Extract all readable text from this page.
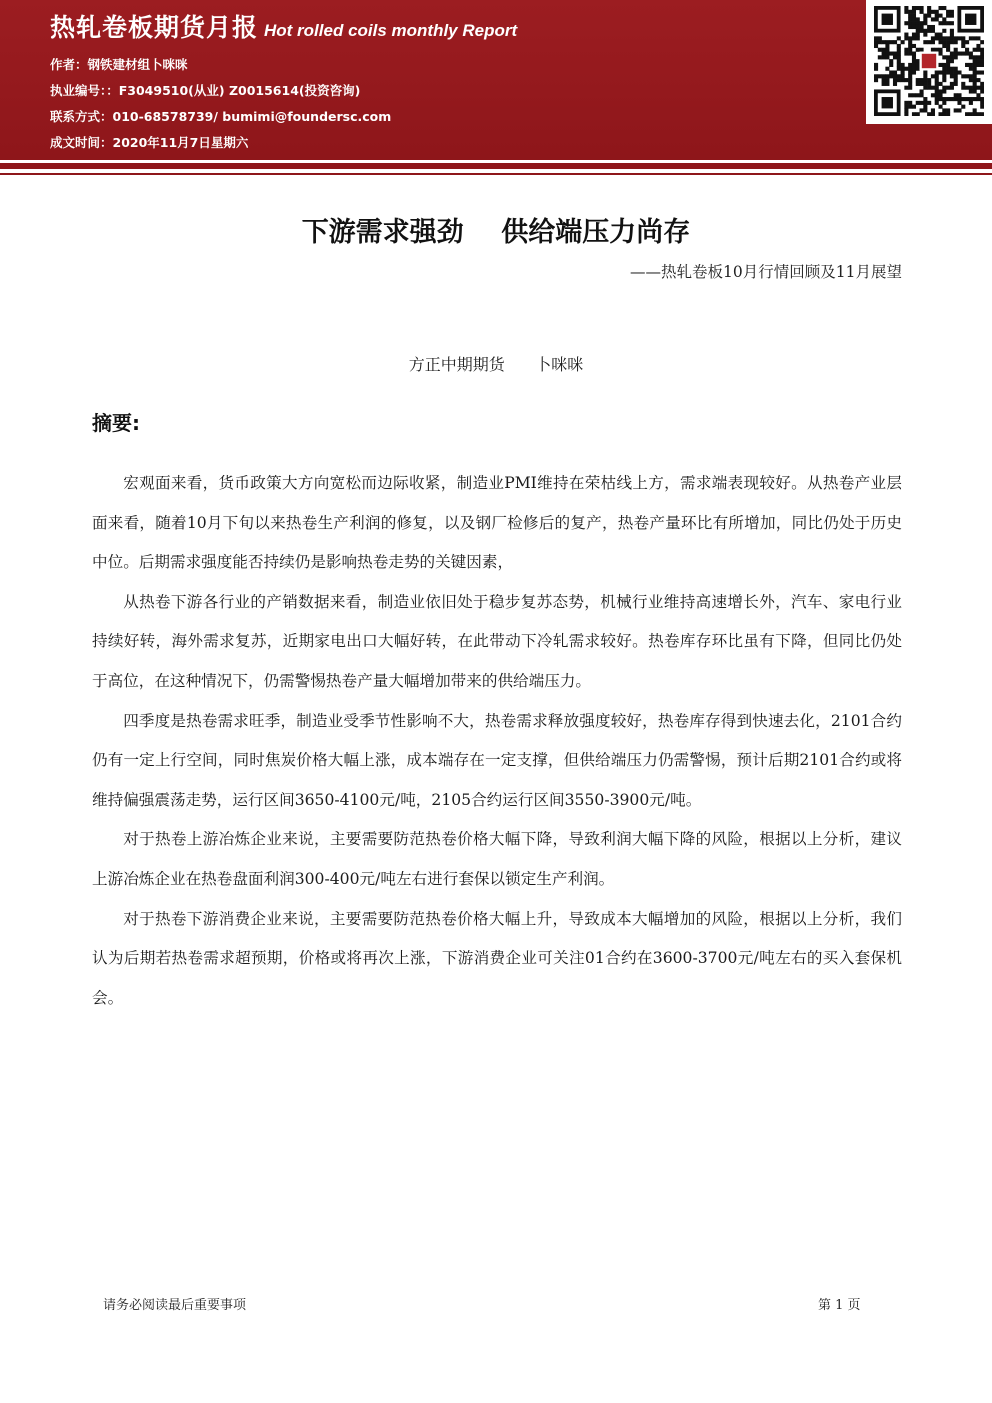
热轧卷板期货月报 Hot rolled coils monthly Report
作者：钢铁建材组卜咪咪
执业编号：：F3049510(从业) Z0015614(投资咨询)
联系方式：010-68578739/ bumimi@foundersc.com
成文时间：2020年11月7日星期六
下游需求强劲    供给端压力尚存
——热轧卷板10月行情回顾及11月展望
方正中期期货      卜咪咪
摘要:

宏观面来看，货币政策大方向宽松而边际收紧，制造业PMI维持在荣枯线上方，需求端表现较好。从热卷产业层面来看，随着10月下旬以来热卷生产利润的修复，以及钢厂检修后的复产，热卷产量环比有所增加，同比仍处于历史中位。后期需求强度能否持续仍是影响热卷走势的关键因素，

从热卷下游各行业的产销数据来看，制造业依旧处于稳步复苏态势，机械行业维持高速增长外，汽车、家电行业持续好转，海外需求复苏，近期家电出口大幅好转，在此带动下冷轧需求较好。热卷库存环比虽有下降，但同比仍处于高位，在这种情况下，仍需警惕热卷产量大幅增加带来的供给端压力。

四季度是热卷需求旺季，制造业受季节性影响不大，热卷需求释放强度较好，热卷库存得到快速去化，2101合约仍有一定上行空间，同时焦炭价格大幅上涨，成本端存在一定支撑，但供给端压力仍需警惕，预计后期2101合约或将维持偏强震荡走势，运行区间3650-4100元/吨，2105合约运行区间3550-3900元/吨。

对于热卷上游冶炼企业来说，主要需要防范热卷价格大幅下降，导致利润大幅下降的风险，根据以上分析，建议上游冶炼企业在热卷盘面利润300-400元/吨左右进行套保以锁定生产利润。

对于热卷下游消费企业来说，主要需要防范热卷价格大幅上升，导致成本大幅增加的风险，根据以上分析，我们认为后期若热卷需求超预期，价格或将再次上涨，下游消费企业可关注01合约在3600-3700元/吨左右的买入套保机会。

请务必阅读最后重要事项	第 1 页
